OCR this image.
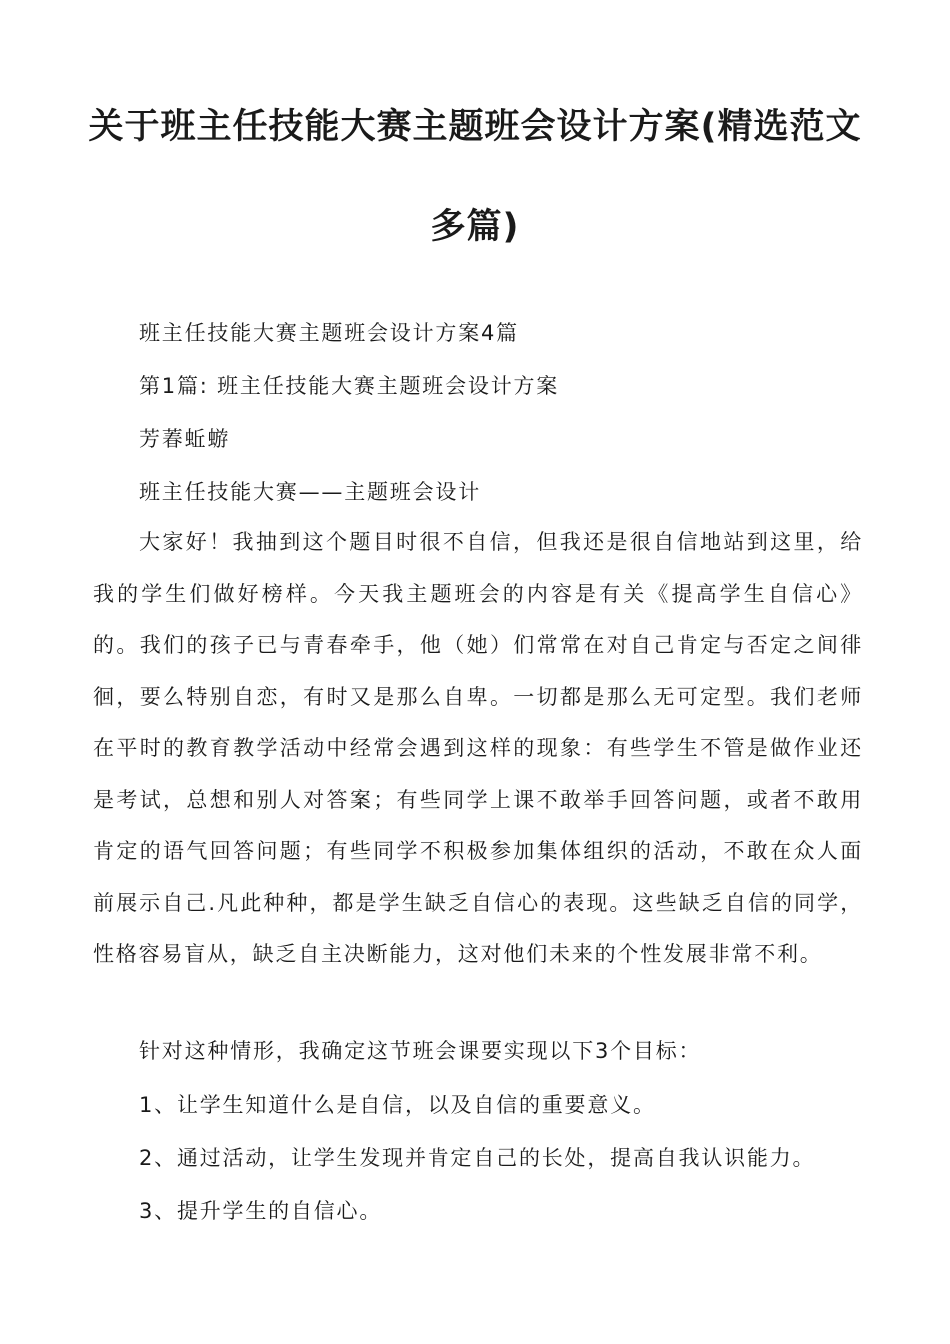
关于班主任技能大赛主题班会设计方案(精选范文
多篇)
班主任技能大赛主题班会设计方案4篇
第1篇: 班主任技能大赛主题班会设计方案
芳萶蚯蝣
班主任技能大赛——主题班会设计

大家好！我抽到这个题目时很不自信，但我还是很自信地站到这里，给我的学生们做好榜样。今天我主题班会的内容是有关《提高学生自信心》的。我们的孩子已与青春牵手，他（她）们常常在对自己肯定与否定之间徘徊，要么特别自恋，有时又是那么自卑。一切都是那么无可定型。我们老师在平时的教育教学活动中经常会遇到这样的现象：有些学生不管是做作业还是考试，总想和别人对答案；有些同学上课不敢举手回答问题，或者不敢用肯定的语气回答问题；有些同学不积极参加集体组织的活动，不敢在众人面前展示自己.凡此种种，都是学生缺乏自信心的表现。这些缺乏自信的同学，性格容易盲从，缺乏自主决断能力，这对他们未来的个性发展非常不利。

针对这种情形，我确定这节班会课要实现以下3个目标：
1、让学生知道什么是自信，以及自信的重要意义。
2、通过活动，让学生发现并肯定自己的长处，提高自我认识能力。
3、提升学生的自信心。
